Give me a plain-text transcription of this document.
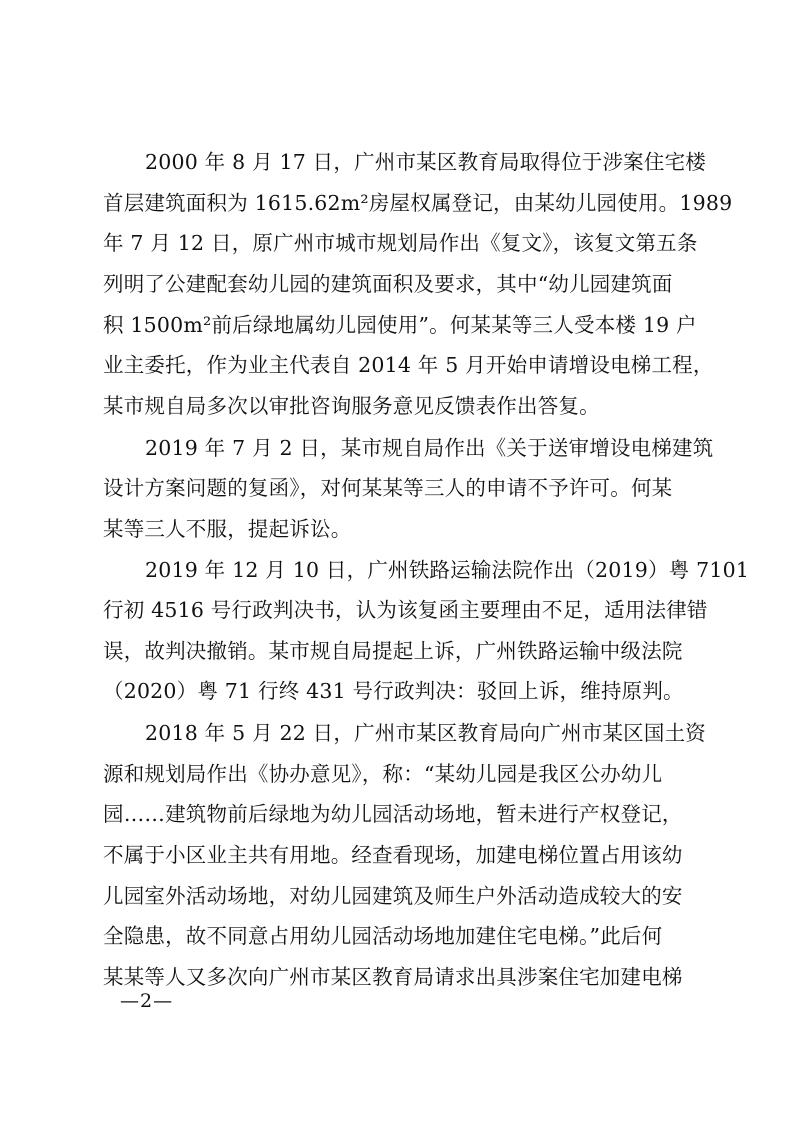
2000 年 8 月 17 日，广州市某区教育局取得位于涉案住宅楼
首层建筑面积为 1615.62m²房屋权属登记，由某幼儿园使用。1989
年 7 月 12 日，原广州市城市规划局作出《复文》，该复文第五条
列明了公建配套幼儿园的建筑面积及要求，其中“幼儿园建筑面
积 1500m²前后绿地属幼儿园使用”。何某某等三人受本楼 19 户
业主委托，作为业主代表自 2014 年 5 月开始申请增设电梯工程，
某市规自局多次以审批咨询服务意见反馈表作出答复。
2019 年 7 月 2 日，某市规自局作出《关于送审增设电梯建筑
设计方案问题的复函》，对何某某等三人的申请不予许可。何某
某等三人不服，提起诉讼。
2019 年 12 月 10 日，广州铁路运输法院作出（2019）粤 7101
行初 4516 号行政判决书，认为该复函主要理由不足，适用法律错
误，故判决撤销。某市规自局提起上诉，广州铁路运输中级法院
（2020）粤 71 行终 431 号行政判决：驳回上诉，维持原判。
2018 年 5 月 22 日，广州市某区教育局向广州市某区国土资
源和规划局作出《协办意见》，称：“某幼儿园是我区公办幼儿
园……建筑物前后绿地为幼儿园活动场地，暂未进行产权登记，
不属于小区业主共有用地。经查看现场，加建电梯位置占用该幼
儿园室外活动场地，对幼儿园建筑及师生户外活动造成较大的安
全隐患，故不同意占用幼儿园活动场地加建住宅电梯。”此后何
某某等人又多次向广州市某区教育局请求出具涉案住宅加建电梯
—2—
